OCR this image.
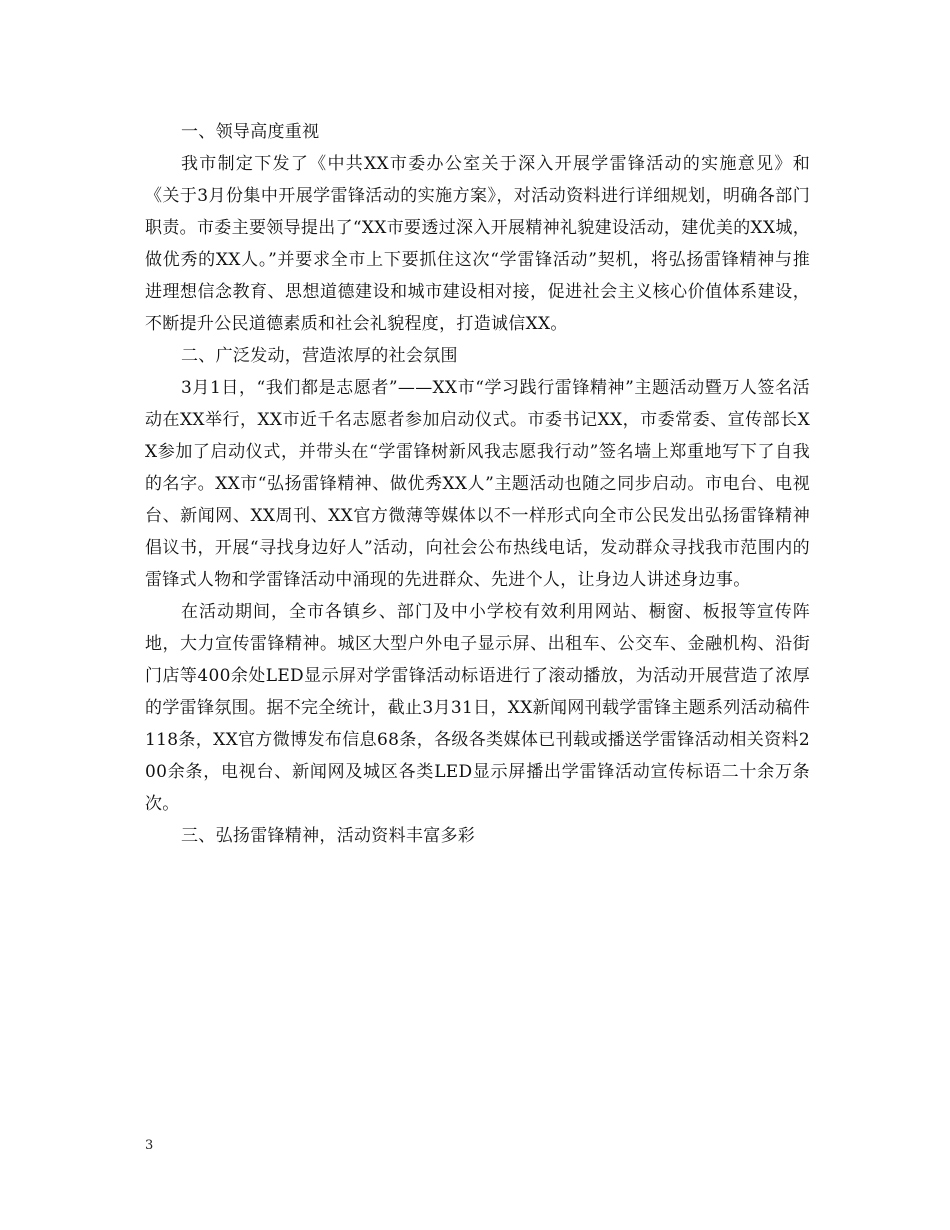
一、领导高度重视

我市制定下发了《中共XX市委办公室关于深入开展学雷锋活动的实施意见》和《关于3月份集中开展学雷锋活动的实施方案》，对活动资料进行详细规划，明确各部门职责。市委主要领导提出了“XX市要透过深入开展精神礼貌建设活动，建优美的XX城，做优秀的XX人。”并要求全市上下要抓住这次“学雷锋活动”契机，将弘扬雷锋精神与推进理想信念教育、思想道德建设和城市建设相对接，促进社会主义核心价值体系建设，不断提升公民道德素质和社会礼貌程度，打造诚信XX。

二、广泛发动，营造浓厚的社会氛围

3月1日，“我们都是志愿者”——XX市“学习践行雷锋精神”主题活动暨万人签名活动在XX举行，XX市近千名志愿者参加启动仪式。市委书记XX，市委常委、宣传部长XX参加了启动仪式，并带头在“学雷锋树新风我志愿我行动”签名墙上郑重地写下了自我的名字。XX市“弘扬雷锋精神、做优秀XX人”主题活动也随之同步启动。市电台、电视台、新闻网、XX周刊、XX官方微薄等媒体以不一样形式向全市公民发出弘扬雷锋精神倡议书，开展“寻找身边好人”活动，向社会公布热线电话，发动群众寻找我市范围内的雷锋式人物和学雷锋活动中涌现的先进群众、先进个人，让身边人讲述身边事。

在活动期间，全市各镇乡、部门及中小学校有效利用网站、橱窗、板报等宣传阵地，大力宣传雷锋精神。城区大型户外电子显示屏、出租车、公交车、金融机构、沿街门店等400余处LED显示屏对学雷锋活动标语进行了滚动播放，为活动开展营造了浓厚的学雷锋氛围。据不完全统计，截止3月31日，XX新闻网刊载学雷锋主题系列活动稿件118条，XX官方微博发布信息68条，各级各类媒体已刊载或播送学雷锋活动相关资料200余条，电视台、新闻网及城区各类LED显示屏播出学雷锋活动宣传标语二十余万条次。

三、弘扬雷锋精神，活动资料丰富多彩

3
